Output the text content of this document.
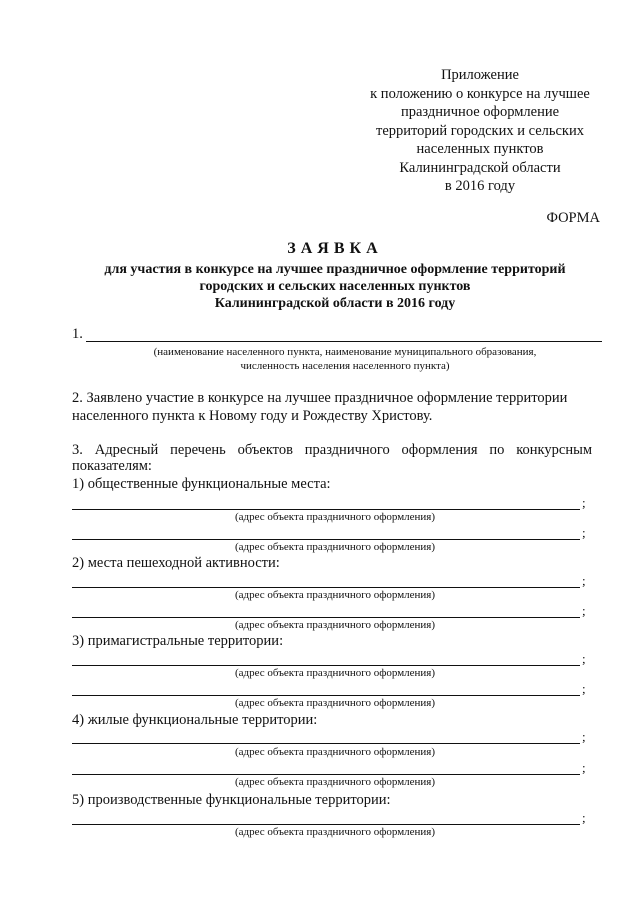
Приложение
к положению о конкурсе на лучшее
праздничное оформление
территорий городских и сельских
населенных пунктов
Калининградской области
в 2016 году
ФОРМА
ЗАЯВКА
для участия в конкурсе на лучшее праздничное оформление территорий
городских и сельских населенных пунктов
Калининградской области в 2016 году
1.
(наименование населенного пункта, наименование муниципального образования,
численность населения населенного пункта)
2. Заявлено участие в конкурсе на лучшее праздничное оформление территории населенного пункта к Новому году и Рождеству Христову.
3. Адресный перечень объектов праздничного оформления по конкурсным показателям:
1) общественные функциональные места:
;
(адрес объекта праздничного оформления)
;
(адрес объекта праздничного оформления)
2) места пешеходной активности:
;
(адрес объекта праздничного оформления)
;
(адрес объекта праздничного оформления)
3) примагистральные территории:
;
(адрес объекта праздничного оформления)
;
(адрес объекта праздничного оформления)
4) жилые функциональные территории:
;
(адрес объекта праздничного оформления)
;
(адрес объекта праздничного оформления)
5) производственные функциональные территории:
;
(адрес объекта праздничного оформления)
